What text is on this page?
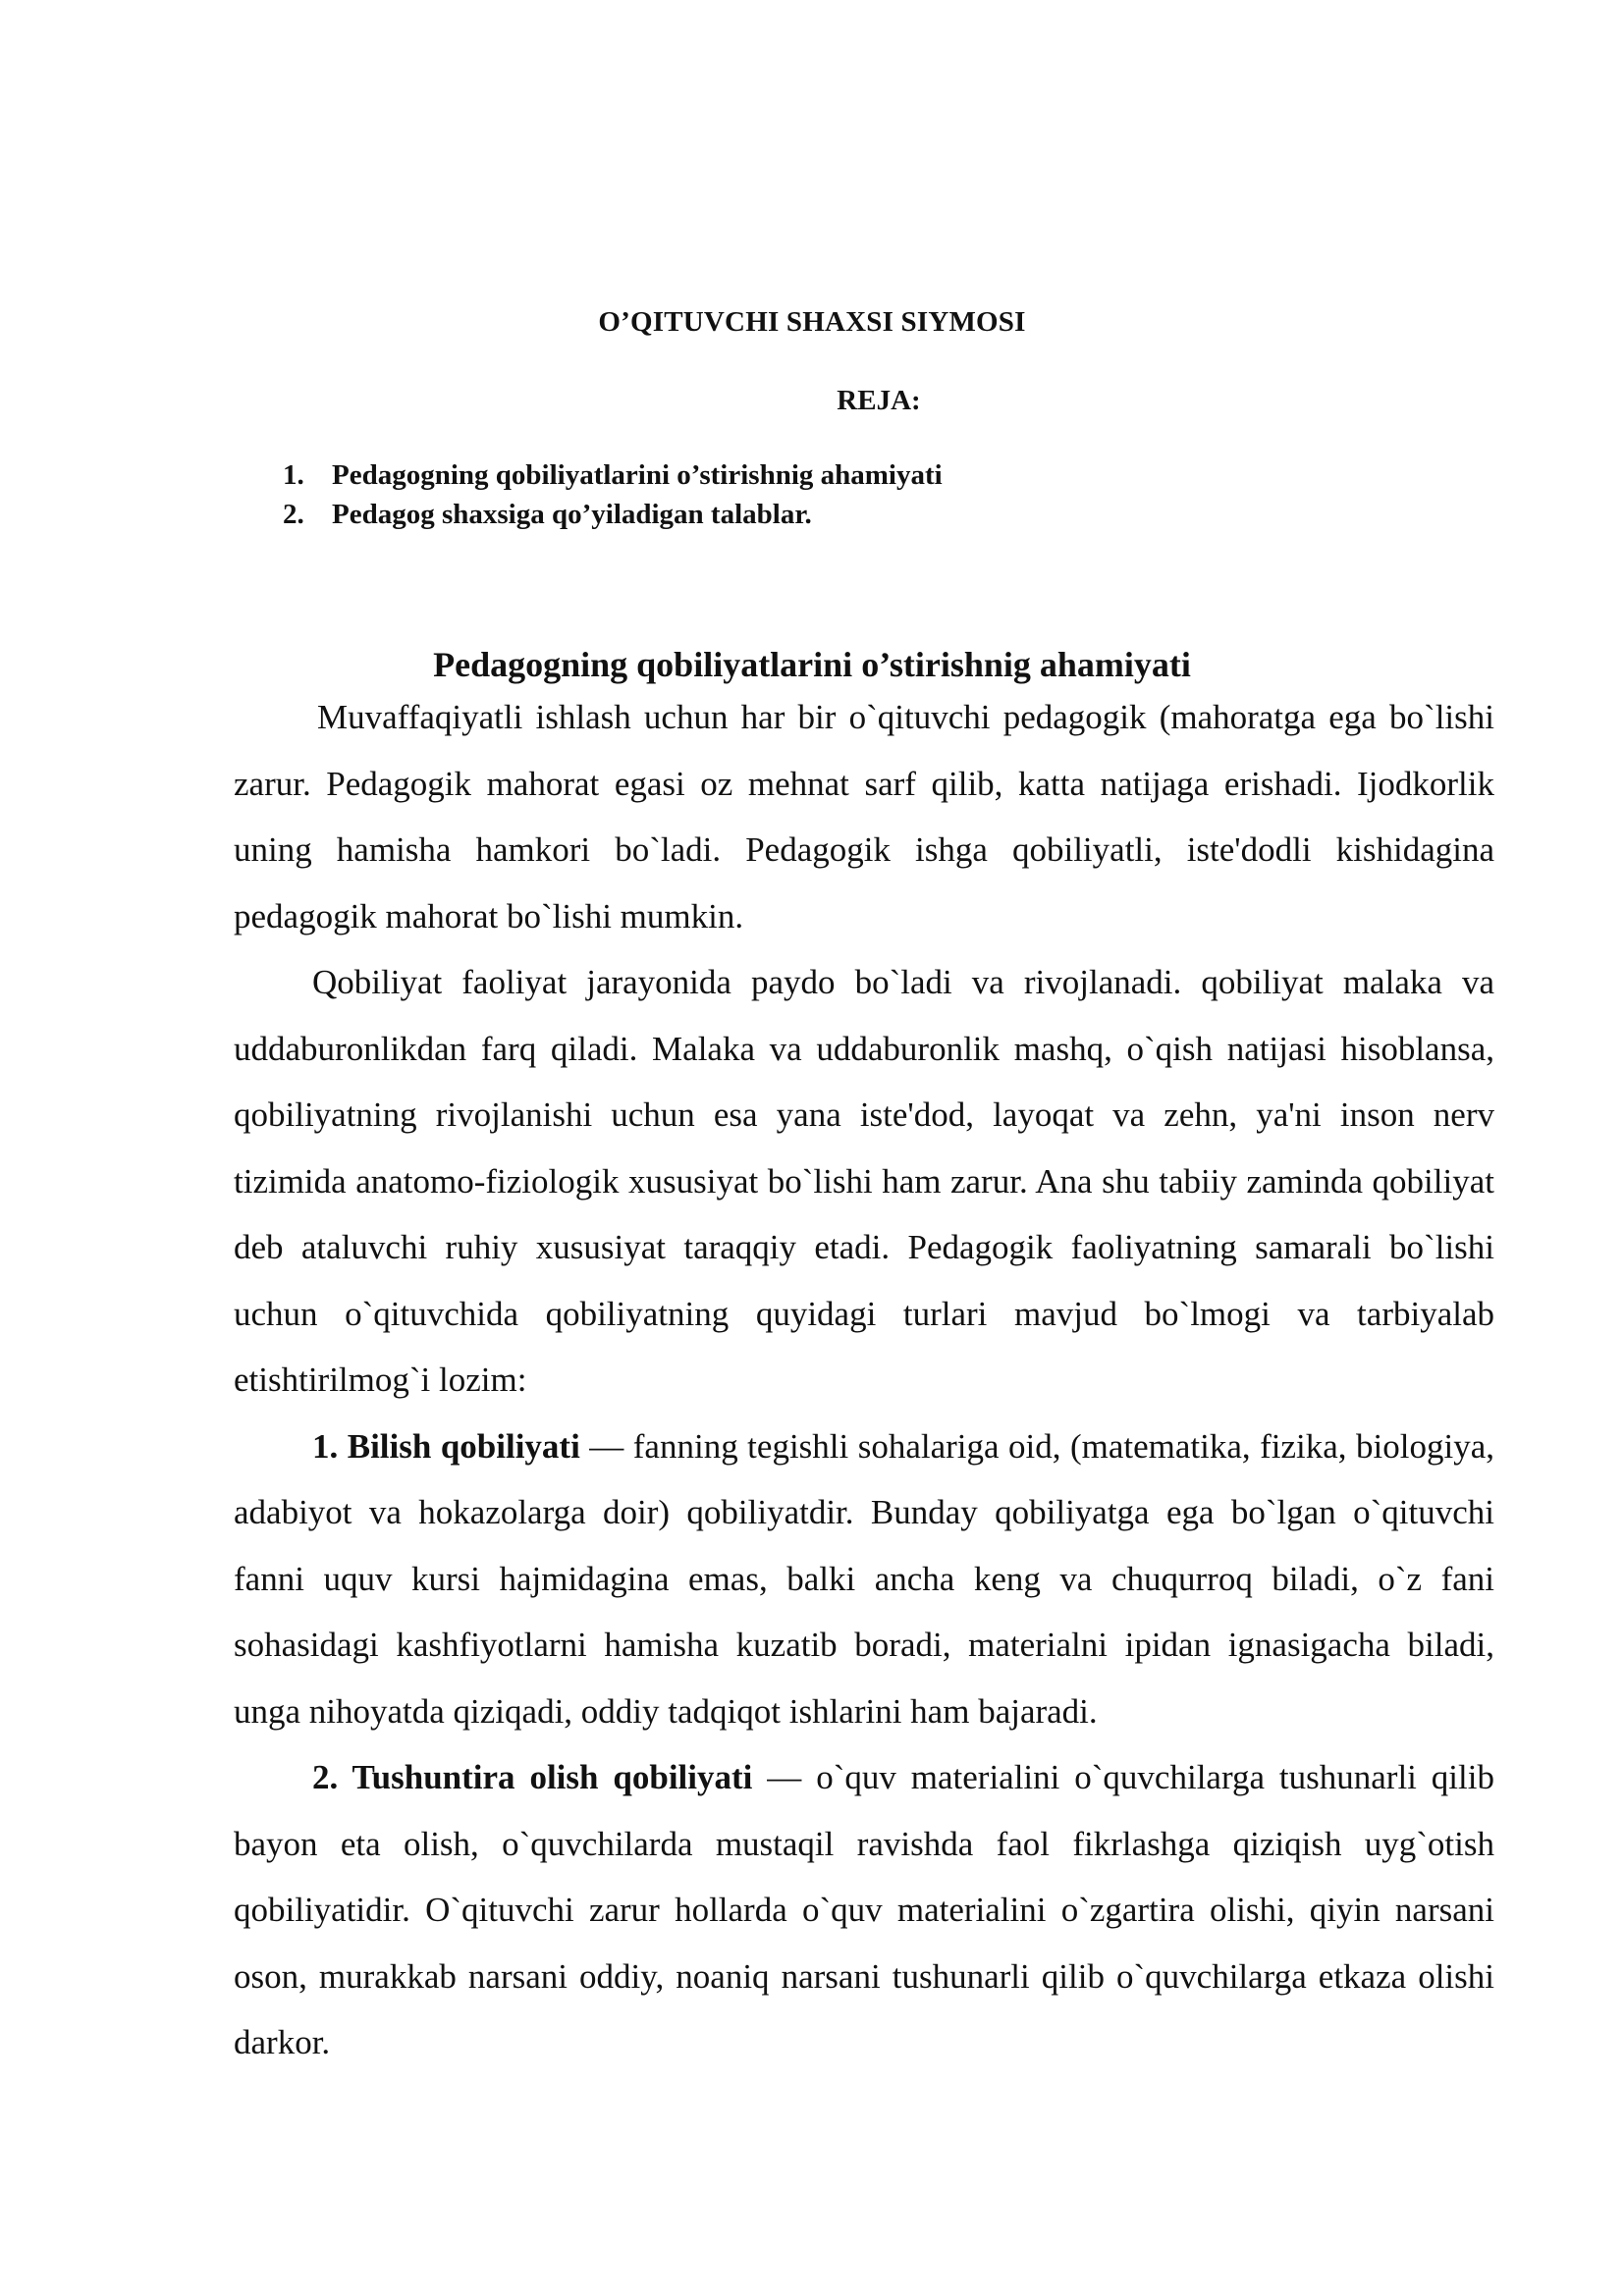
O’QITUVCHI SHAXSI SIYMOSI
REJA:
1. Pedagogning qobiliyatlarini o’stirishnig ahamiyati
2. Pedagog shaxsiga qo’yiladigan talablar.
Pedagogning qobiliyatlarini o’stirishnig ahamiyati

Muvaffaqiyatli ishlash uchun har bir o`qituvchi pedagogik (mahoratga ega bo`lishi zarur. Pedagogik mahorat egasi oz mehnat sarf qilib, katta natijaga erishadi. Ijodkorlik uning hamisha hamkori bo`ladi. Pedagogik ishga qobiliyatli, iste'dodli kishidagina pedagogik mahorat bo`lishi mumkin.

Qobiliyat faoliyat jarayonida paydo bo`ladi va rivojlanadi. qobiliyat malaka va uddaburonlikdan farq qiladi. Malaka va uddaburonlik mashq, o`qish natijasi hisoblansa, qobiliyatning rivojlanishi uchun esa yana iste'dod, layoqat va zehn, ya'ni inson nerv tizimida anatomo-fiziologik xususiyat bo`lishi ham zarur. Ana shu tabiiy zaminda qobiliyat deb ataluvchi ruhiy xususiyat taraqqiy etadi. Pedagogik faoliyatning samarali bo`lishi uchun o`qituvchida qobiliyatning quyidagi turlari mavjud bo`lmogi va tarbiyalab etishtirilmog`i lozim:

1. Bilish qobiliyati — fanning tegishli sohalariga oid, (matematika, fizika, biologiya, adabiyot va hokazolarga doir) qobiliyatdir. Bunday qobiliyatga ega bo`lgan o`qituvchi fanni uquv kursi hajmidagina emas, balki ancha keng va chuqurroq biladi, o`z fani sohasidagi kashfiyotlarni hamisha kuzatib boradi, materialni ipidan ignasigacha biladi, unga nihoyatda qiziqadi, oddiy tadqiqot ishlarini ham bajaradi.

2. Tushuntira olish qobiliyati — o`quv materialini o`quvchilarga tushunarli qilib bayon eta olish, o`quvchilarda mustaqil ravishda faol fikrlashga qiziqish uyg`otish qobiliyatidir. O`qituvchi zarur hollarda o`quv materialini o`zgartira olishi, qiyin narsani oson, murakkab narsani oddiy, noaniq narsani tushunarli qilib o`quvchilarga etkaza olishi darkor.
